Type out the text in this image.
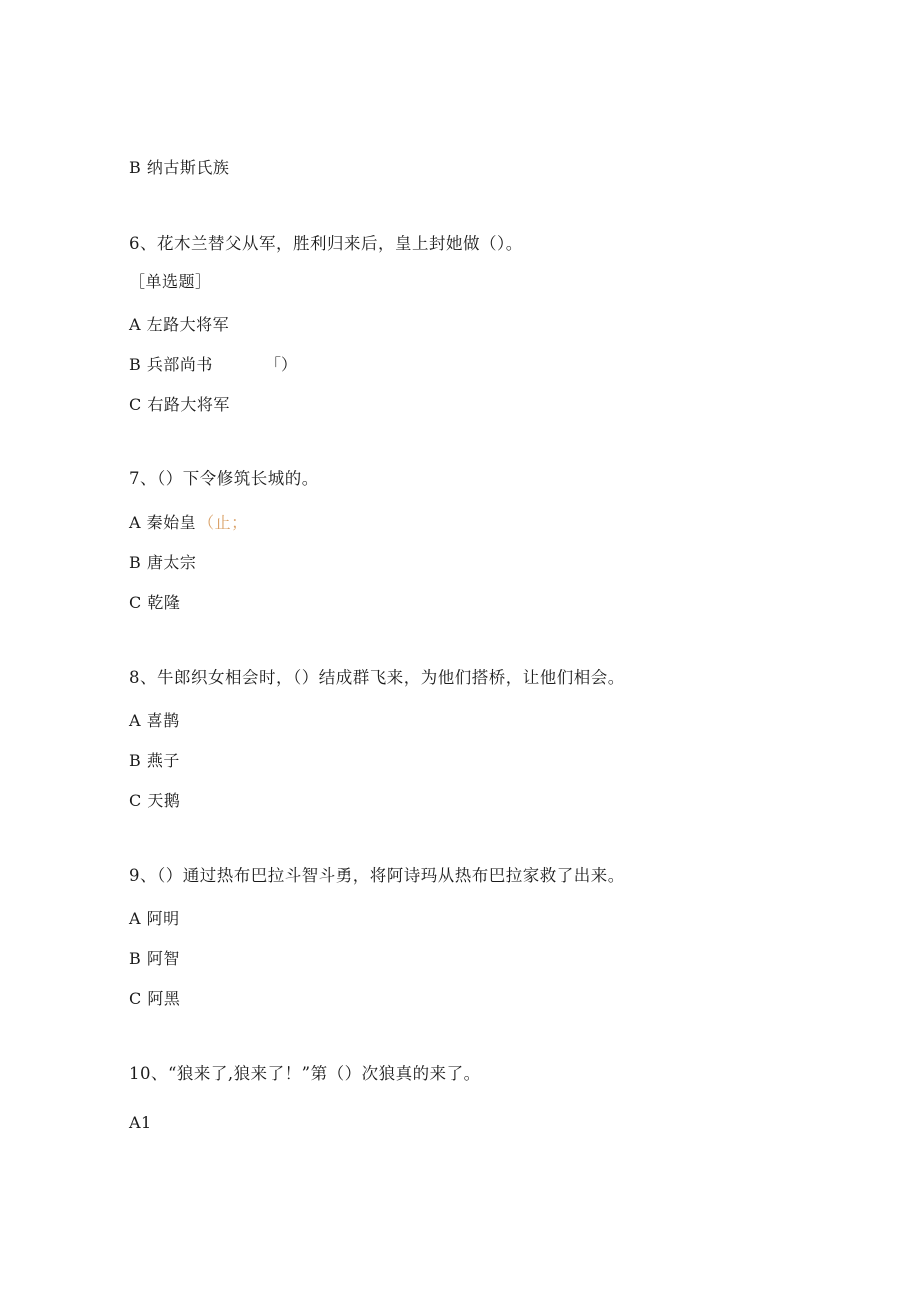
B 纳古斯氏族
6、花木兰替父从军，胜利归来后，皇上封她做（）。
［单选题］
A 左路大将军
B 兵部尚书	「）
C 右路大将军
7、（）下令修筑长城的。
A 秦始皇 （止；
B 唐太宗
C 乾隆
8、牛郎织女相会时，（）结成群飞来，为他们搭桥，让他们相会。
A 喜鹊
B 燕子
C 天鹅
9、（）通过热布巴拉斗智斗勇，将阿诗玛从热布巴拉家救了出来。
A 阿明
B 阿智
C 阿黑
10、“狼来了,狼来了！”第（）次狼真的来了。
A1
